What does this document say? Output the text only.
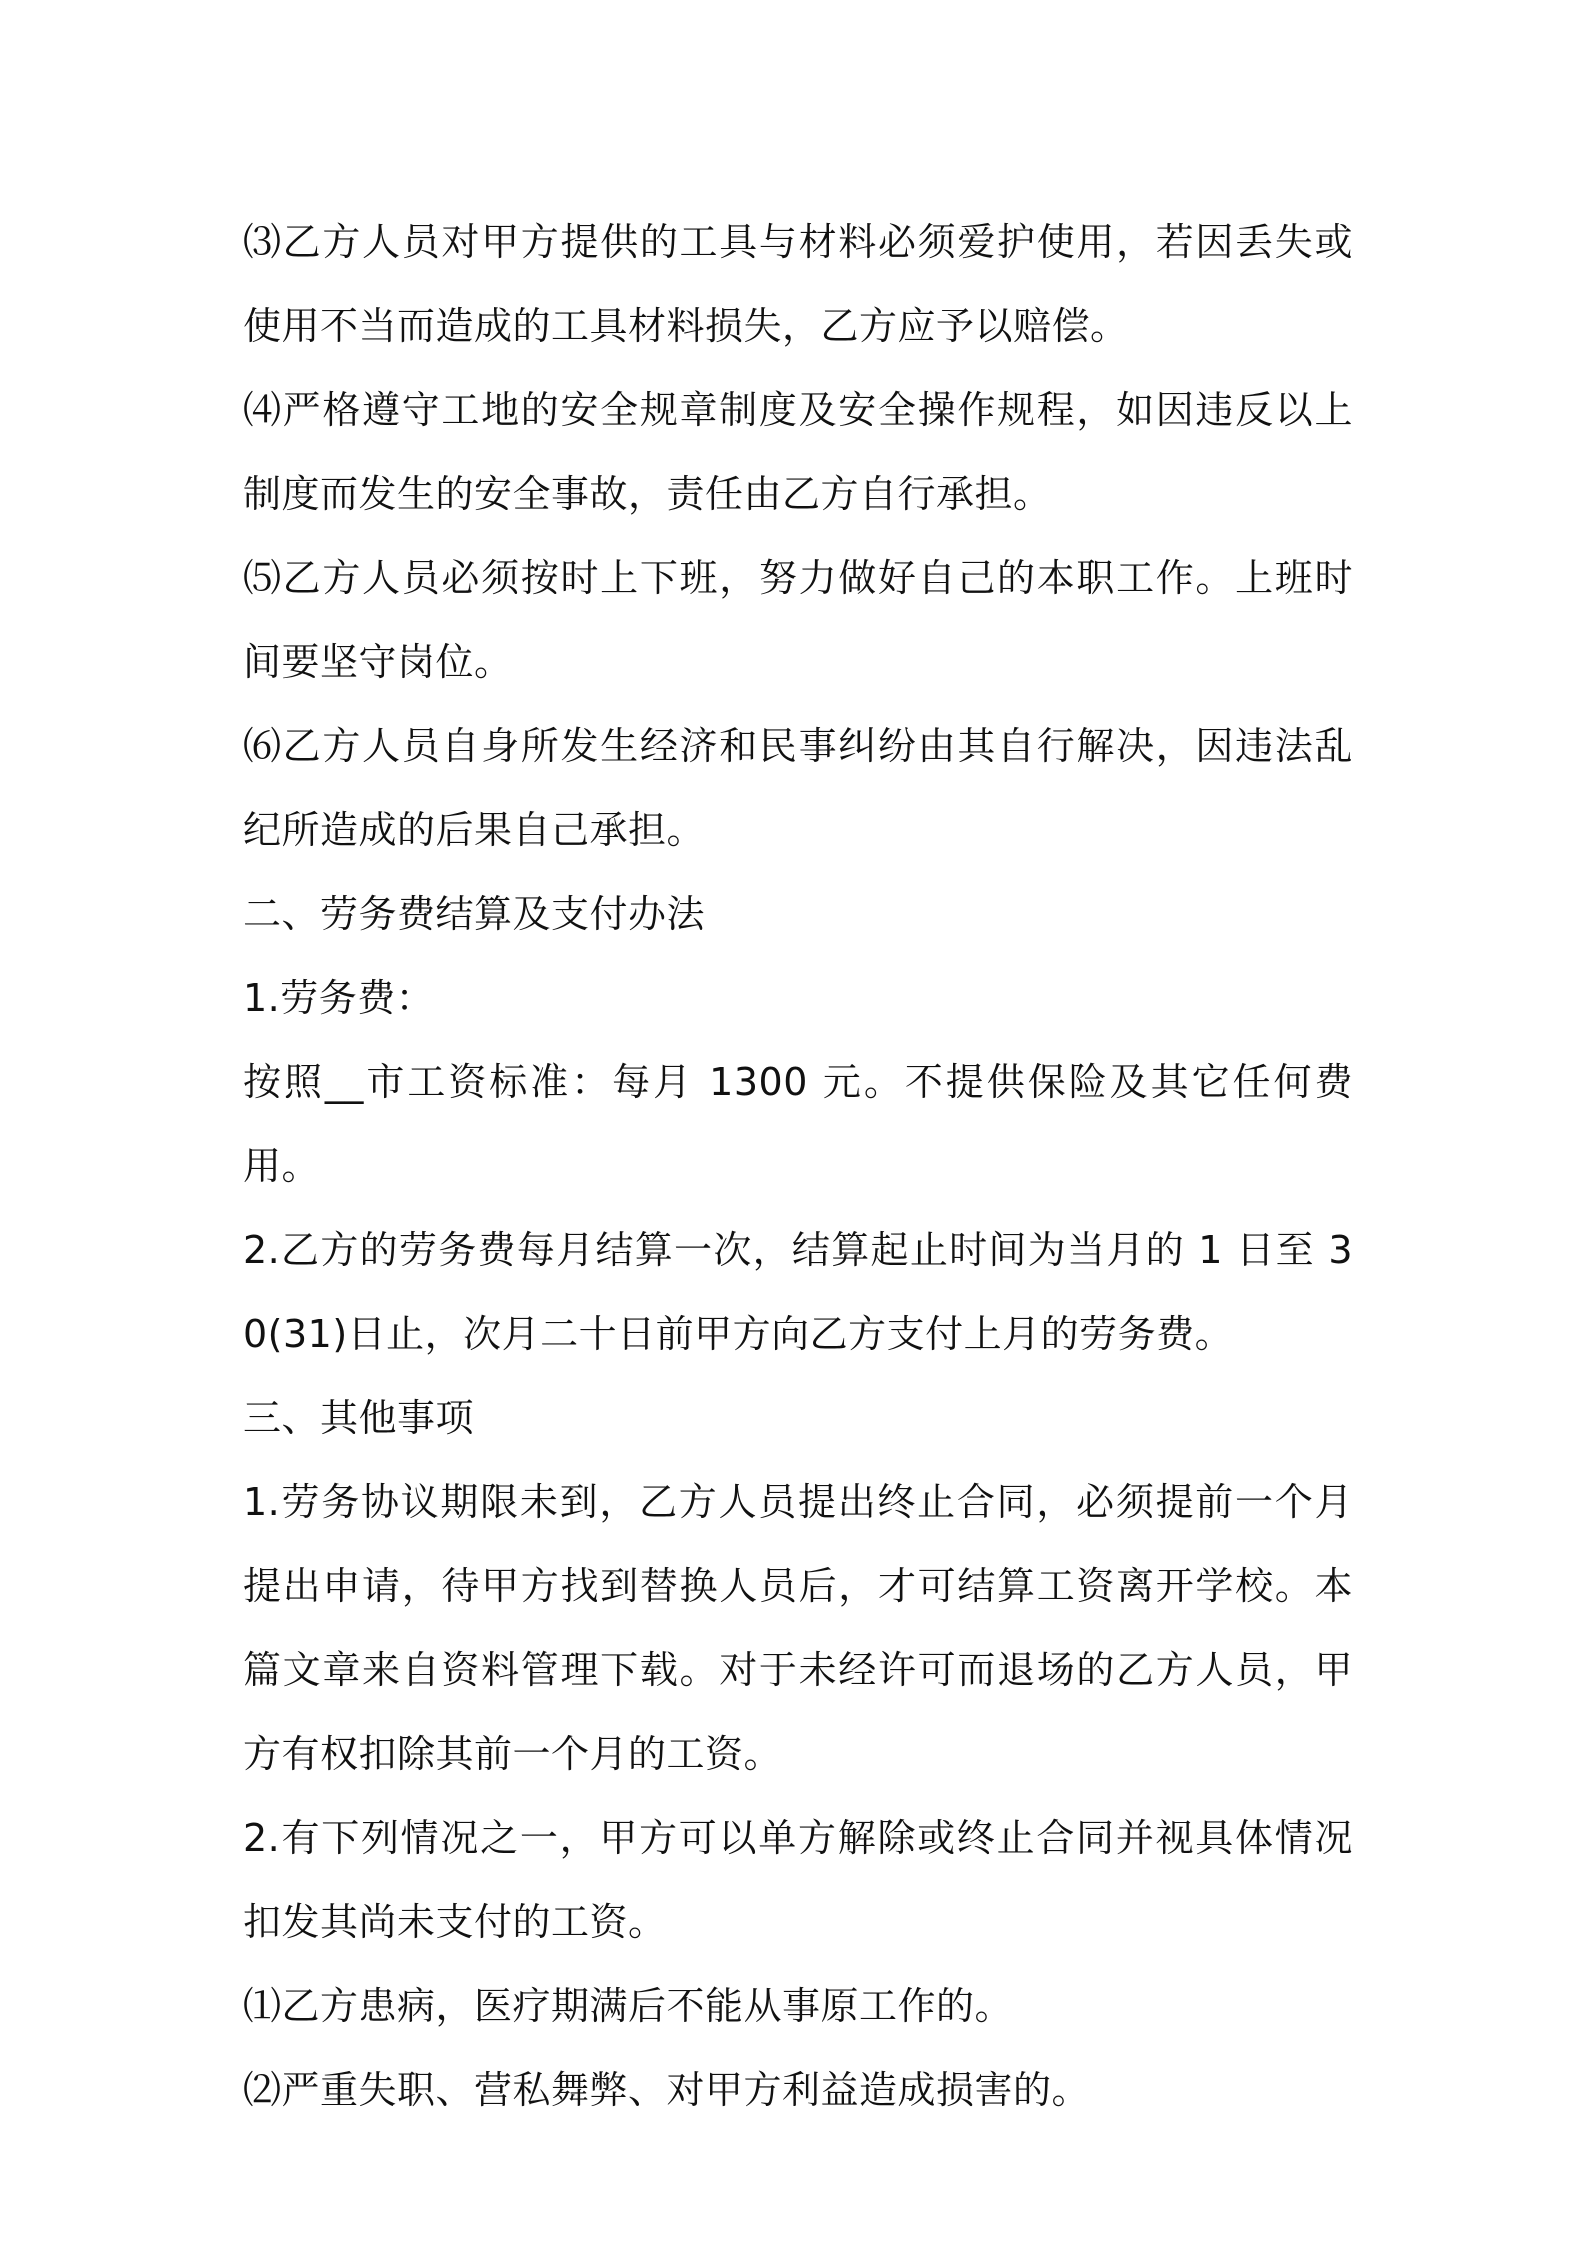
⑶乙方人员对甲方提供的工具与材料必须爱护使用，若因丢失或使用不当而造成的工具材料损失，乙方应予以赔偿。

⑷严格遵守工地的安全规章制度及安全操作规程，如因违反以上制度而发生的安全事故，责任由乙方自行承担。

⑸乙方人员必须按时上下班，努力做好自己的本职工作。上班时间要坚守岗位。

⑹乙方人员自身所发生经济和民事纠纷由其自行解决，因违法乱纪所造成的后果自己承担。

二、劳务费结算及支付办法

1.劳务费：

按照__市工资标准：每月 1300 元。不提供保险及其它任何费用。

2.乙方的劳务费每月结算一次，结算起止时间为当月的 1 日至 30(31)日止，次月二十日前甲方向乙方支付上月的劳务费。

三、其他事项

1.劳务协议期限未到，乙方人员提出终止合同，必须提前一个月提出申请，待甲方找到替换人员后，才可结算工资离开学校。本篇文章来自资料管理下载。对于未经许可而退场的乙方人员，甲方有权扣除其前一个月的工资。

2.有下列情况之一，甲方可以单方解除或终止合同并视具体情况扣发其尚未支付的工资。

⑴乙方患病，医疗期满后不能从事原工作的。

⑵严重失职、营私舞弊、对甲方利益造成损害的。
